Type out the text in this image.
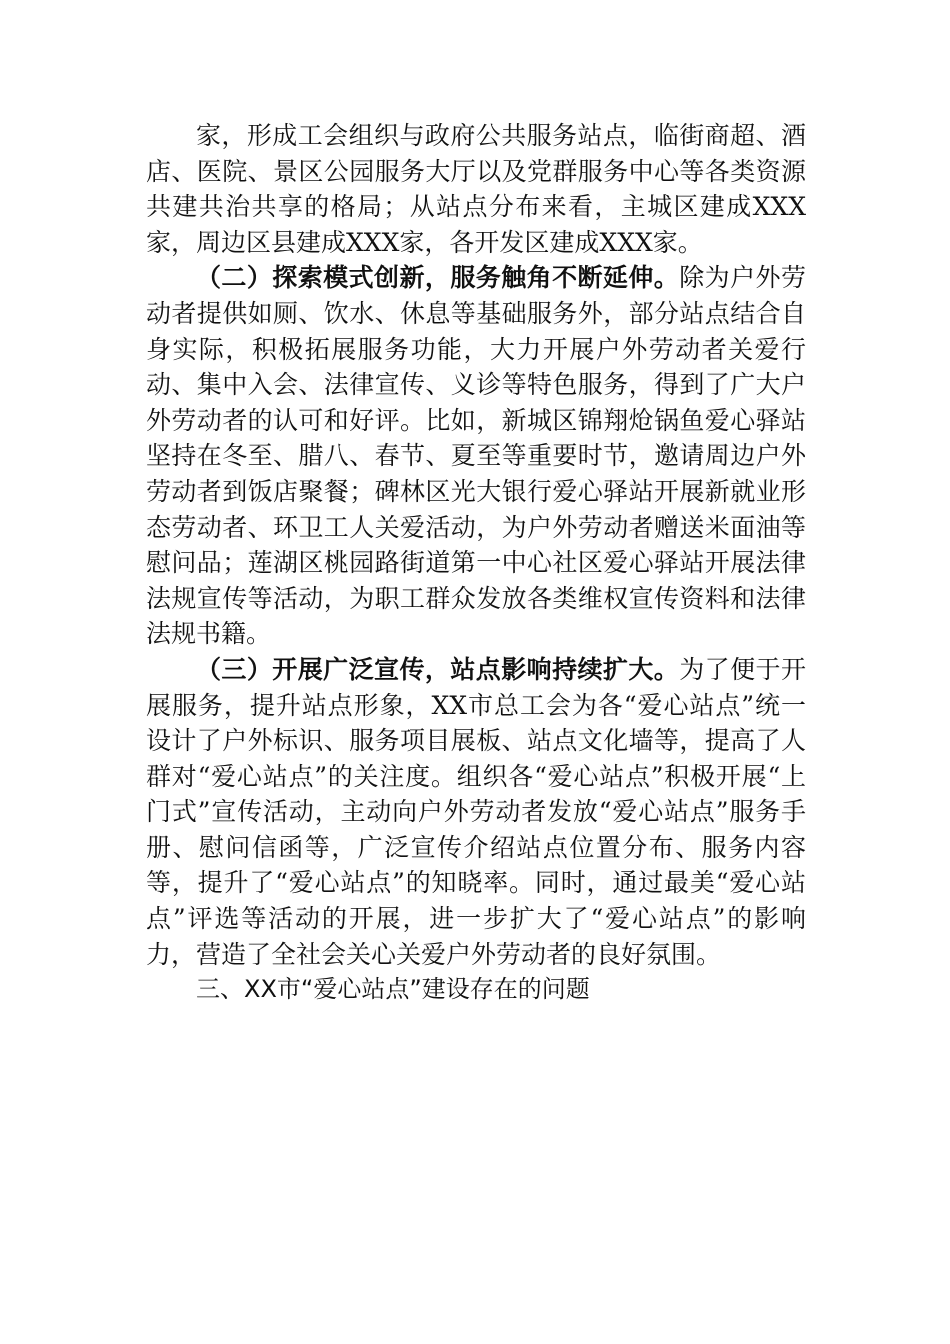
家，形成工会组织与政府公共服务站点，临街商超、酒店、医院、景区公园服务大厅以及党群服务中心等各类资源共建共治共享的格局；从站点分布来看，主城区建成XXX家，周边区县建成XXX家，各开发区建成XXX家。

（二）探索模式创新，服务触角不断延伸。除为户外劳动者提供如厕、饮水、休息等基础服务外，部分站点结合自身实际，积极拓展服务功能，大力开展户外劳动者关爱行动、集中入会、法律宣传、义诊等特色服务，得到了广大户外劳动者的认可和好评。比如，新城区锦翔炝锅鱼爱心驿站坚持在冬至、腊八、春节、夏至等重要时节，邀请周边户外劳动者到饭店聚餐；碑林区光大银行爱心驿站开展新就业形态劳动者、环卫工人关爱活动，为户外劳动者赠送米面油等慰问品；莲湖区桃园路街道第一中心社区爱心驿站开展法律法规宣传等活动，为职工群众发放各类维权宣传资料和法律法规书籍。

（三）开展广泛宣传，站点影响持续扩大。为了便于开展服务，提升站点形象，XX市总工会为各“爱心站点”统一设计了户外标识、服务项目展板、站点文化墙等，提高了人群对“爱心站点”的关注度。组织各“爱心站点”积极开展“上门式”宣传活动，主动向户外劳动者发放“爱心站点”服务手册、慰问信函等，广泛宣传介绍站点位置分布、服务内容等，提升了“爱心站点”的知晓率。同时，通过最美“爱心站点”评选等活动的开展，进一步扩大了“爱心站点”的影响力，营造了全社会关心关爱户外劳动者的良好氛围。

三、XX市“爱心站点”建设存在的问题
